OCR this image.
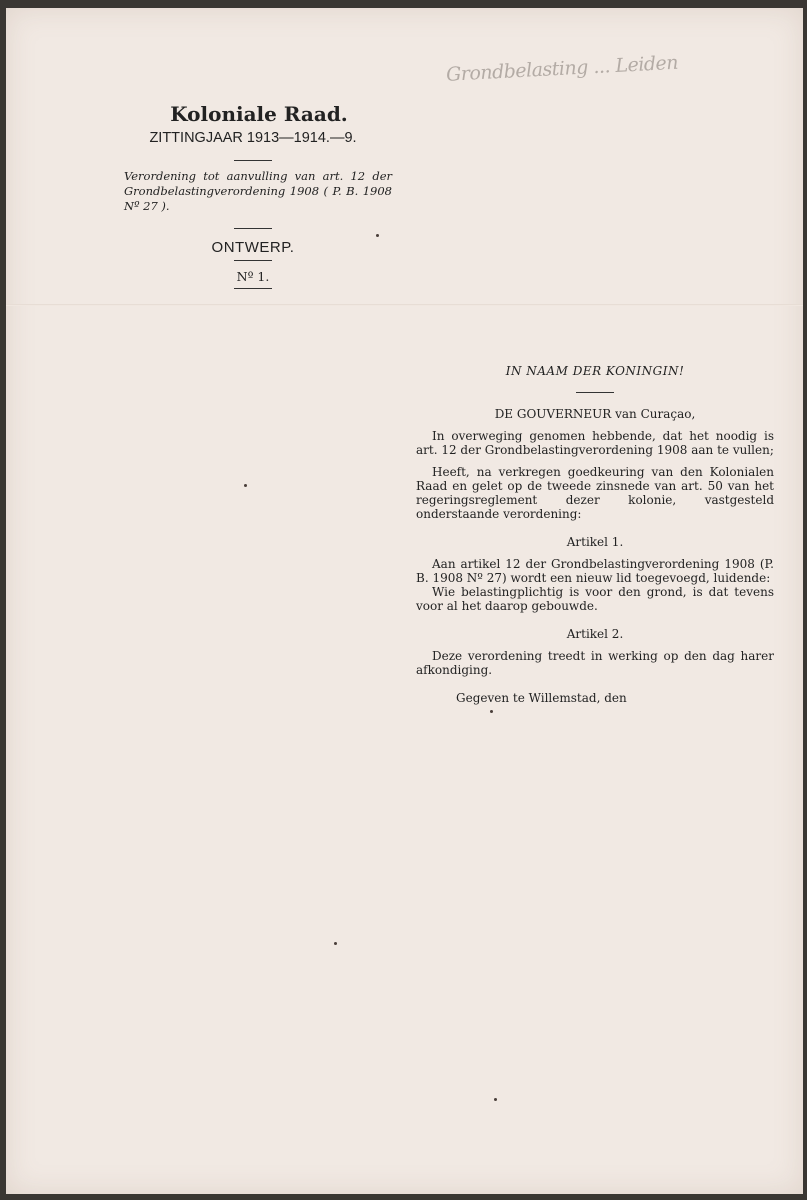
Grondbelasting ... Leiden
Koloniale Raad.
ZITTINGJAAR 1913—1914.—9.
Verordening tot aanvulling van art. 12 der Grondbelastingverordening 1908 ( P. B. 1908 Nº 27 ).
ONTWERP.
Nº 1.
IN NAAM DER KONINGIN!
DE GOUVERNEUR van Curaçao,
In overweging genomen hebbende, dat het noodig is art. 12 der Grondbelastingverordening 1908 aan te vullen;
Heeft, na verkregen goedkeuring van den Kolonialen Raad en gelet op de tweede zinsnede van art. 50 van het regeringsreglement dezer kolonie, vastgesteld onderstaande verordening:
Artikel 1.
Aan artikel 12 der Grondbelastingverordening 1908 (P. B. 1908 Nº 27) wordt een nieuw lid toegevoegd, luidende:
Wie belastingplichtig is voor den grond, is dat tevens voor al het daarop gebouwde.
Artikel 2.
Deze verordening treedt in werking op den dag harer afkondiging.
Gegeven te Willemstad, den
